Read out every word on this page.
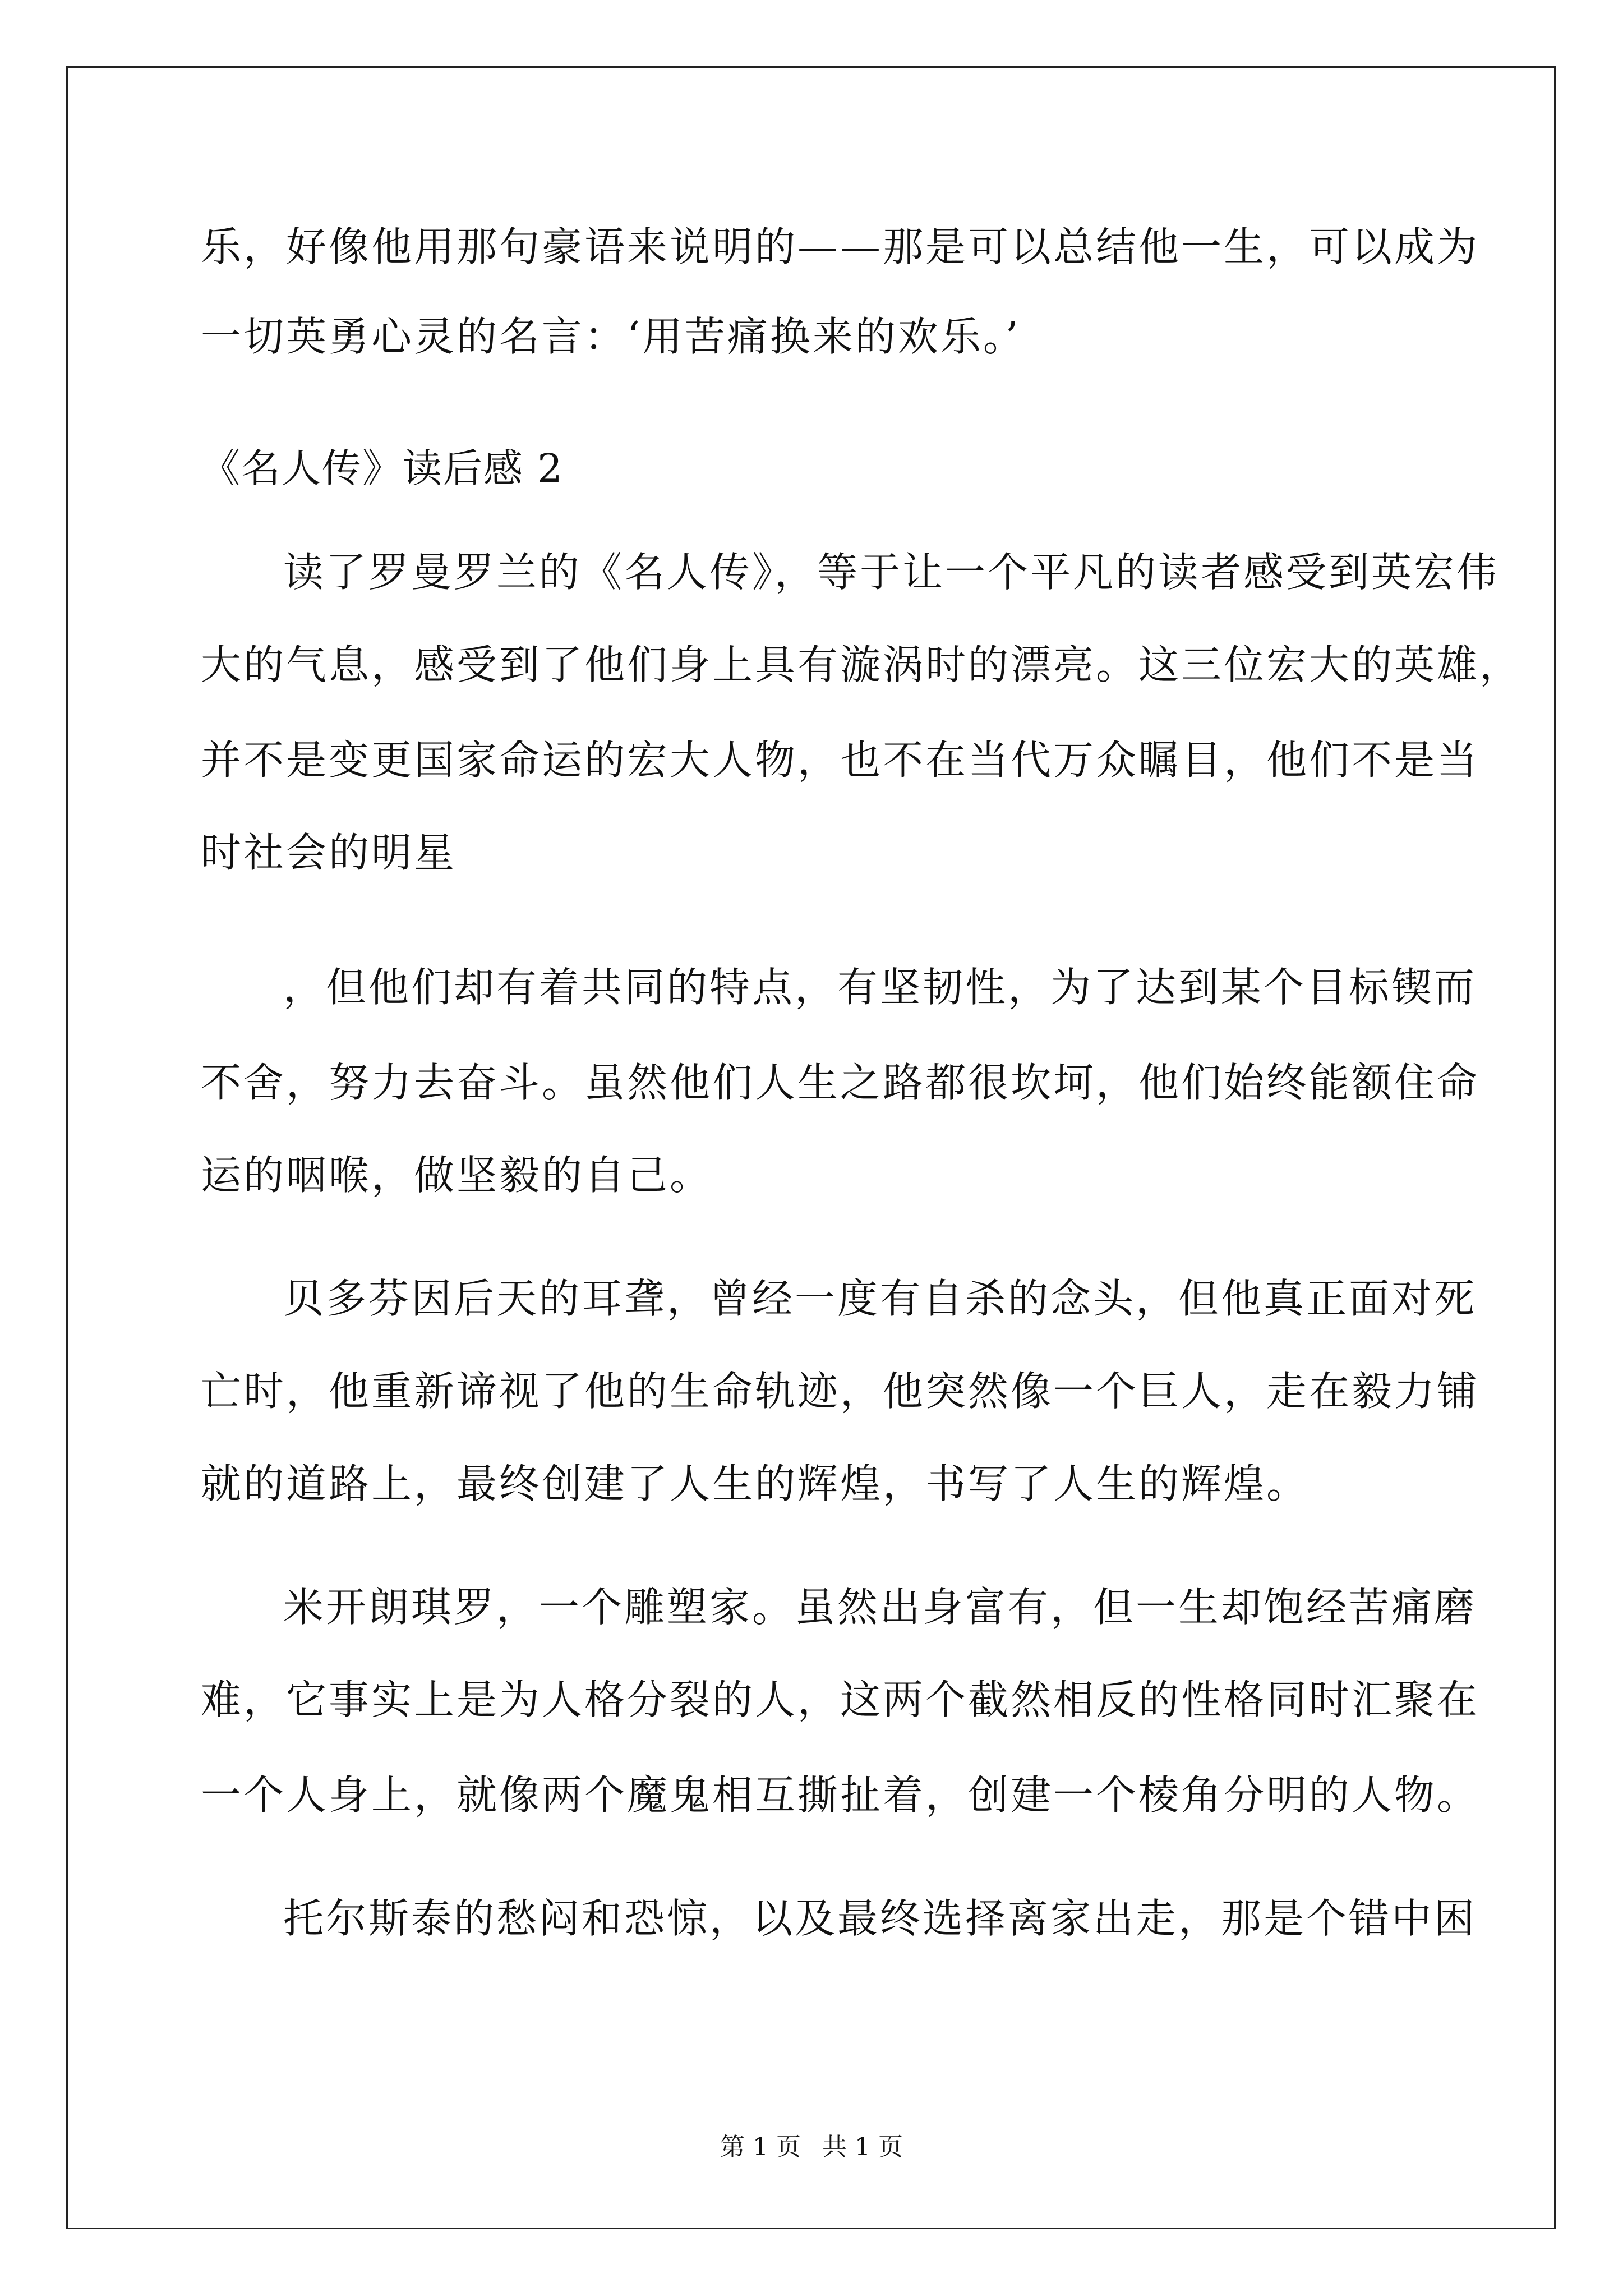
乐，好像他用那句豪语来说明的——那是可以总结他一生，可以成为
一切英勇心灵的名言：‘用苦痛换来的欢乐。’
《名人传》读后感 2
读了罗曼罗兰的《名人传》，等于让一个平凡的读者感受到英宏伟
大的气息，感受到了他们身上具有漩涡时的漂亮。这三位宏大的英雄，
并不是变更国家命运的宏大人物，也不在当代万众瞩目，他们不是当
时社会的明星
，但他们却有着共同的特点，有坚韧性，为了达到某个目标锲而
不舍，努力去奋斗。虽然他们人生之路都很坎坷，他们始终能额住命
运的咽喉，做坚毅的自己。
贝多芬因后天的耳聋，曾经一度有自杀的念头，但他真正面对死
亡时，他重新谛视了他的生命轨迹，他突然像一个巨人，走在毅力铺
就的道路上，最终创建了人生的辉煌，书写了人生的辉煌。
米开朗琪罗，一个雕塑家。虽然出身富有，但一生却饱经苦痛磨
难，它事实上是为人格分裂的人，这两个截然相反的性格同时汇聚在
一个人身上，就像两个魔鬼相互撕扯着，创建一个棱角分明的人物。
托尔斯泰的愁闷和恐惊，以及最终选择离家出走，那是个错中困
第 1 页 共 1 页
